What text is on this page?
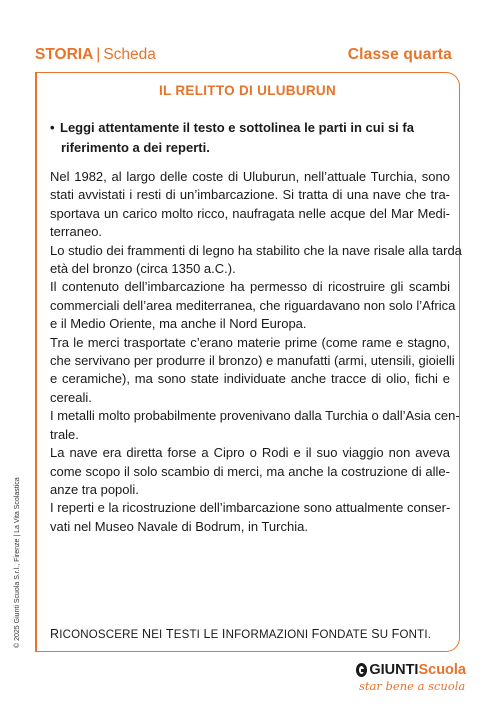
STORIA | Scheda	Classe quarta
IL RELITTO DI ULUBURUN
• Leggi attentamente il testo e sottolinea le parti in cui si fa
riferimento a dei reperti.
Nel 1982, al largo delle coste di Uluburun, nell’attuale Turchia, sono
stati avvistati i resti di un’imbarcazione. Si tratta di una nave che tra-
sportava un carico molto ricco, naufragata nelle acque del Mar Medi-
terraneo.
Lo studio dei frammenti di legno ha stabilito che la nave risale alla tarda
età del bronzo (circa 1350 a.C.).
Il contenuto dell’imbarcazione ha permesso di ricostruire gli scambi
commerciali dell’area mediterranea, che riguardavano non solo l’Africa
e il Medio Oriente, ma anche il Nord Europa.
Tra le merci trasportate c’erano materie prime (come rame e stagno,
che servivano per produrre il bronzo) e manufatti (armi, utensili, gioielli
e ceramiche), ma sono state individuate anche tracce di olio, fichi e
cereali.
I metalli molto probabilmente provenivano dalla Turchia o dall’Asia cen-
trale.
La nave era diretta forse a Cipro o Rodi e il suo viaggio non aveva
come scopo il solo scambio di merci, ma anche la costruzione di alle-
anze tra popoli.
I reperti e la ricostruzione dell’imbarcazione sono attualmente conser-
vati nel Museo Navale di Bodrum, in Turchia.
RICONOSCERE NEI TESTI LE INFORMAZIONI FONDATE SU FONTI.
© 2025 Giunti Scuola S.r.l., Firenze | La Vita Scolastica
GIUNTI Scuola
star bene a scuola
